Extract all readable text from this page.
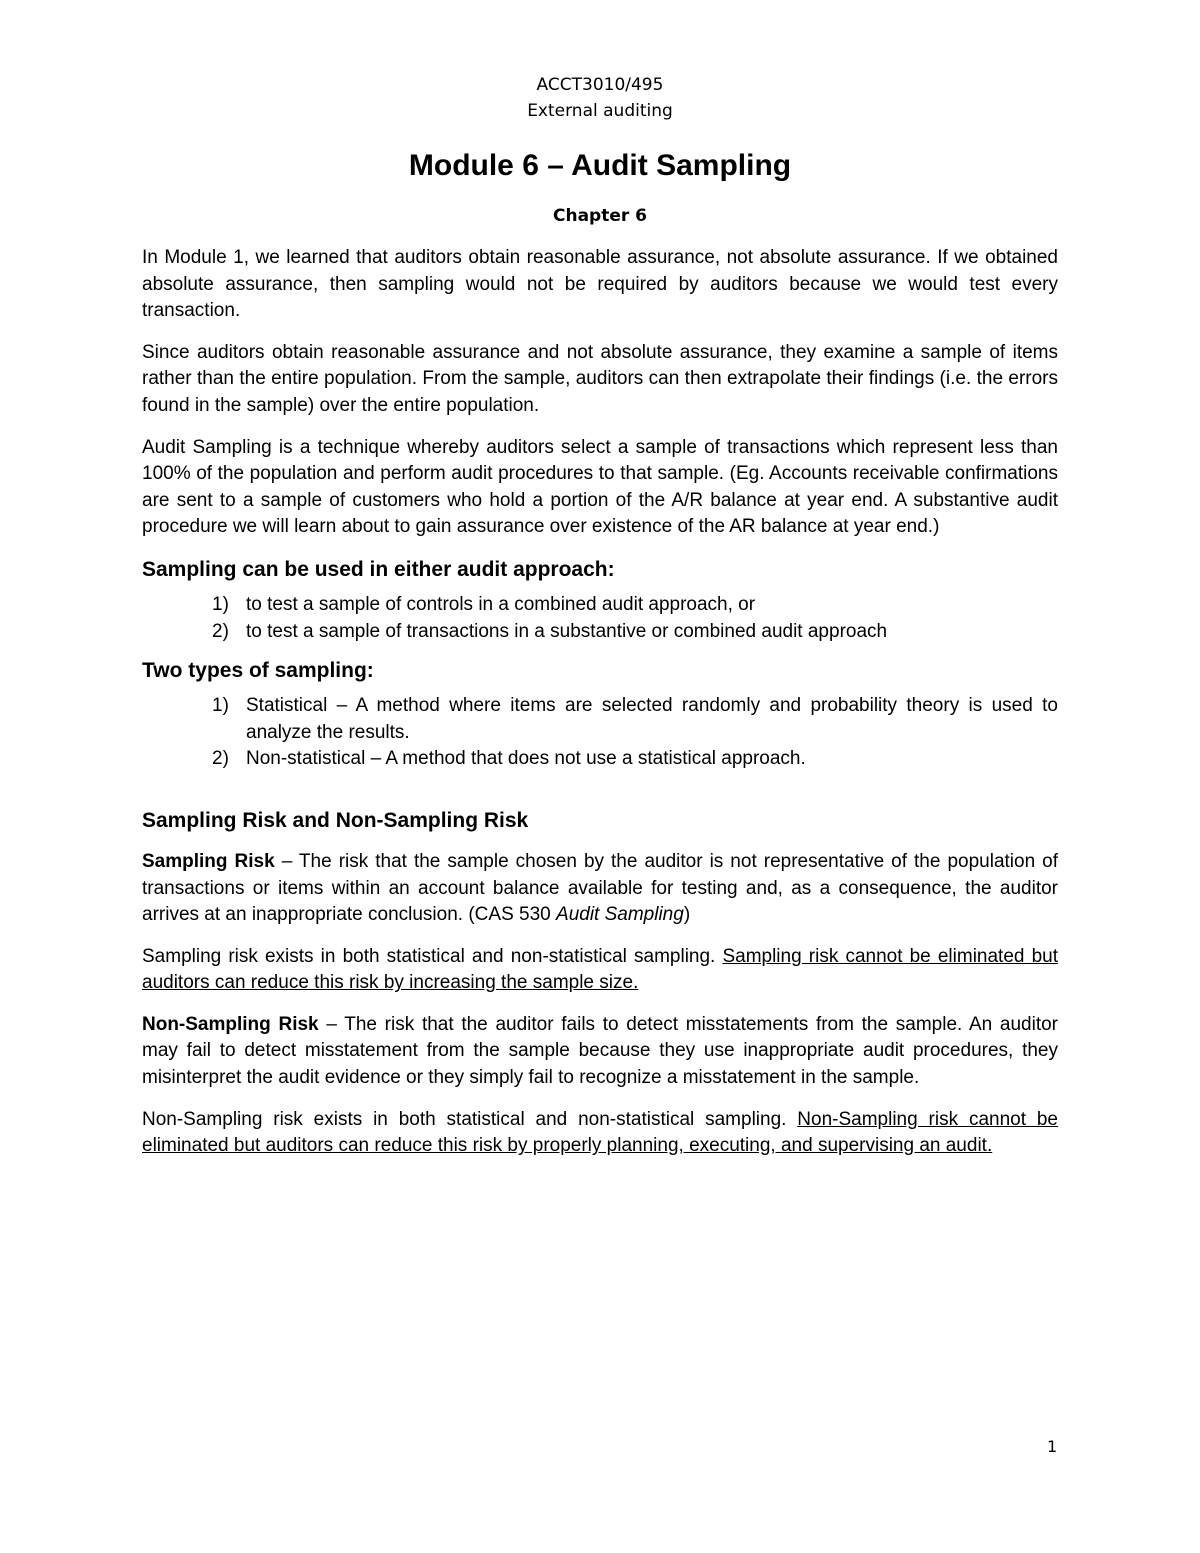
ACCT3010/495
External auditing
Module 6 – Audit Sampling
Chapter 6

In Module 1, we learned that auditors obtain reasonable assurance, not absolute assurance. If we obtained absolute assurance, then sampling would not be required by auditors because we would test every transaction.

Since auditors obtain reasonable assurance and not absolute assurance, they examine a sample of items rather than the entire population. From the sample, auditors can then extrapolate their findings (i.e. the errors found in the sample) over the entire population.

Audit Sampling is a technique whereby auditors select a sample of transactions which represent less than 100% of the population and perform audit procedures to that sample. (Eg. Accounts receivable confirmations are sent to a sample of customers who hold a portion of the A/R balance at year end. A substantive audit procedure we will learn about to gain assurance over existence of the AR balance at year end.)

Sampling can be used in either audit approach:
1) to test a sample of controls in a combined audit approach, or
2) to test a sample of transactions in a substantive or combined audit approach
Two types of sampling:
1) Statistical – A method where items are selected randomly and probability theory is used to analyze the results.
2) Non-statistical – A method that does not use a statistical approach.
Sampling Risk and Non-Sampling Risk

Sampling Risk – The risk that the sample chosen by the auditor is not representative of the population of transactions or items within an account balance available for testing and, as a consequence, the auditor arrives at an inappropriate conclusion. (CAS 530 Audit Sampling)

Sampling risk exists in both statistical and non-statistical sampling. Sampling risk cannot be eliminated but auditors can reduce this risk by increasing the sample size.

Non-Sampling Risk – The risk that the auditor fails to detect misstatements from the sample. An auditor may fail to detect misstatement from the sample because they use inappropriate audit procedures, they misinterpret the audit evidence or they simply fail to recognize a misstatement in the sample.

Non-Sampling risk exists in both statistical and non-statistical sampling. Non-Sampling risk cannot be eliminated but auditors can reduce this risk by properly planning, executing, and supervising an audit.

1
